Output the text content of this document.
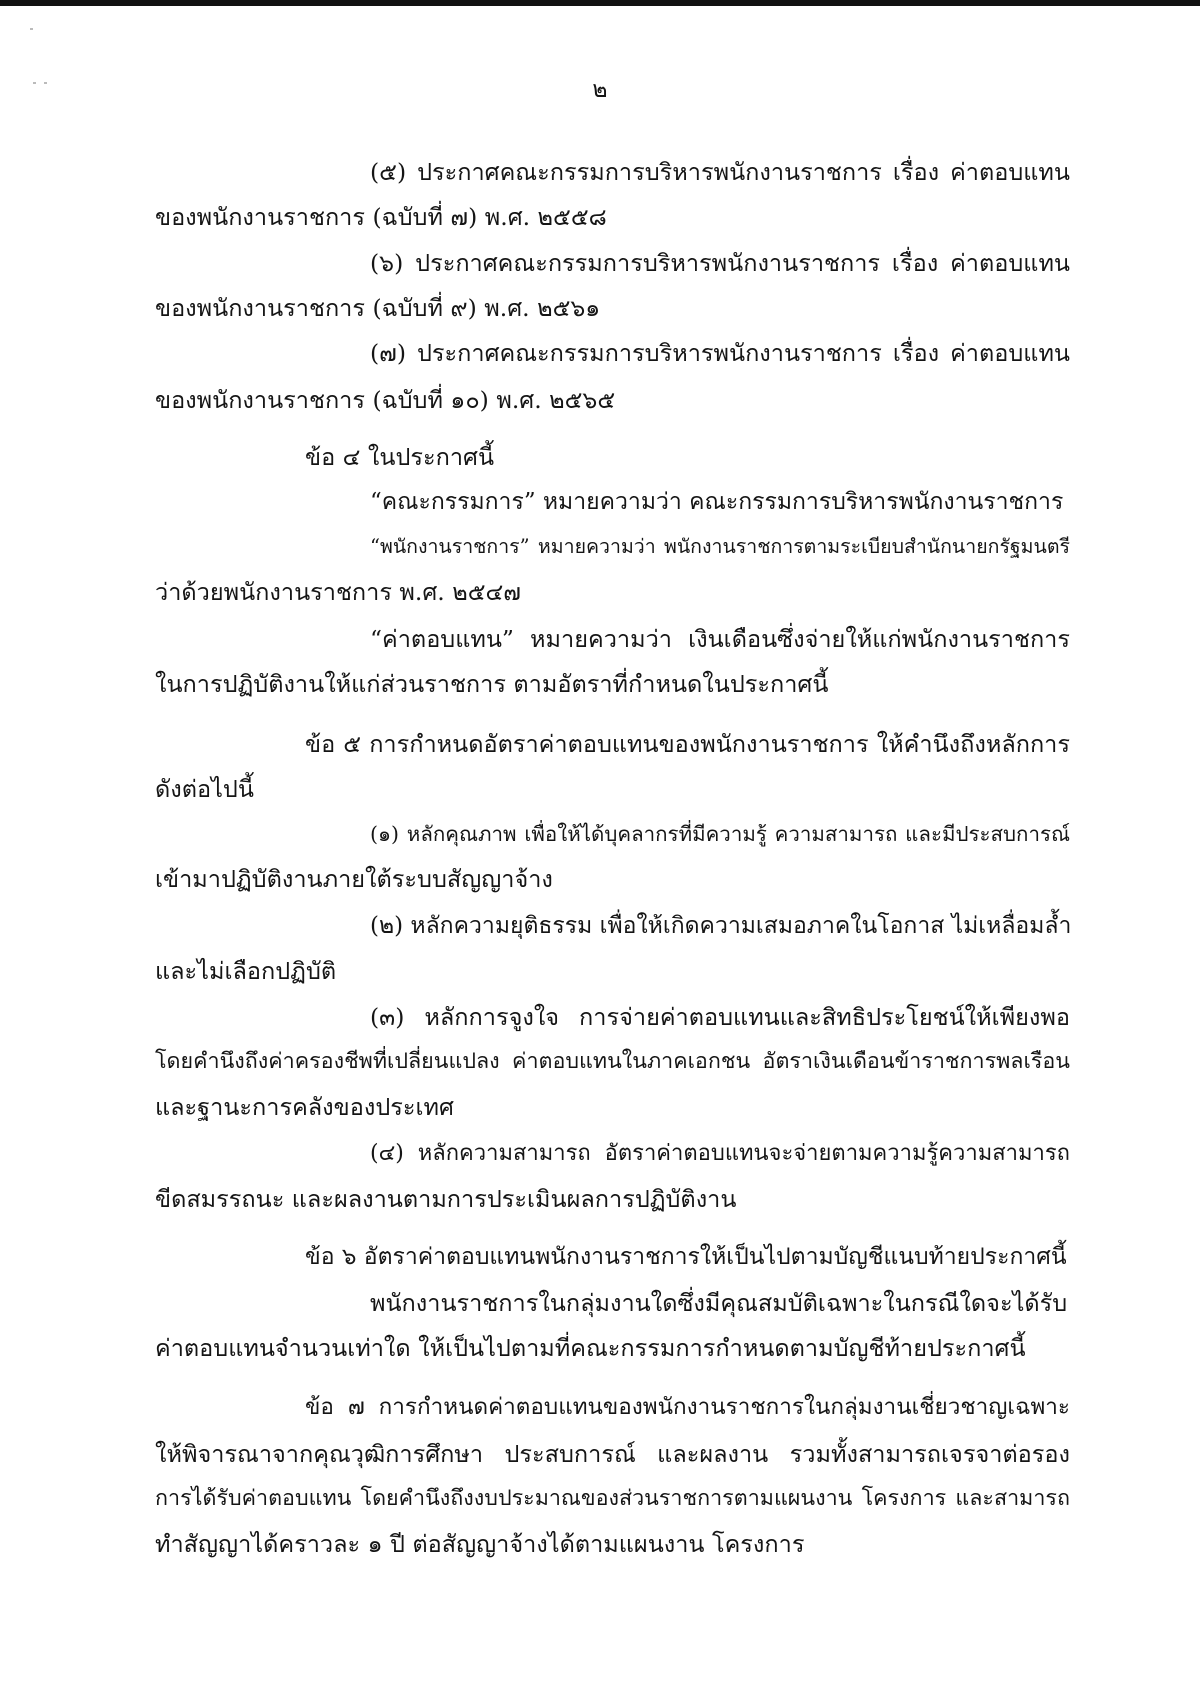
๒
(๕) ประกาศคณะกรรมการบริหารพนักงานราชการ เรื่อง ค่าตอบแทน
ของพนักงานราชการ (ฉบับที่ ๗) พ.ศ. ๒๕๕๘
(๖) ประกาศคณะกรรมการบริหารพนักงานราชการ เรื่อง ค่าตอบแทน
ของพนักงานราชการ (ฉบับที่ ๙) พ.ศ. ๒๕๖๑
(๗) ประกาศคณะกรรมการบริหารพนักงานราชการ เรื่อง ค่าตอบแทน
ของพนักงานราชการ (ฉบับที่ ๑๐) พ.ศ. ๒๕๖๕
ข้อ ๔ ในประกาศนี้
“คณะกรรมการ” หมายความว่า คณะกรรมการบริหารพนักงานราชการ
“พนักงานราชการ” หมายความว่า พนักงานราชการตามระเบียบสำนักนายกรัฐมนตรี
ว่าด้วยพนักงานราชการ พ.ศ. ๒๕๔๗
“ค่าตอบแทน” หมายความว่า เงินเดือนซึ่งจ่ายให้แก่พนักงานราชการ
ในการปฏิบัติงานให้แก่ส่วนราชการ ตามอัตราที่กำหนดในประกาศนี้
ข้อ ๕ การกำหนดอัตราค่าตอบแทนของพนักงานราชการ ให้คำนึงถึงหลักการ
ดังต่อไปนี้
(๑) หลักคุณภาพ เพื่อให้ได้บุคลากรที่มีความรู้ ความสามารถ และมีประสบการณ์
เข้ามาปฏิบัติงานภายใต้ระบบสัญญาจ้าง
(๒) หลักความยุติธรรม เพื่อให้เกิดความเสมอภาคในโอกาส ไม่เหลื่อมล้ำ
และไม่เลือกปฏิบัติ
(๓) หลักการจูงใจ การจ่ายค่าตอบแทนและสิทธิประโยชน์ให้เพียงพอ
โดยคำนึงถึงค่าครองชีพที่เปลี่ยนแปลง ค่าตอบแทนในภาคเอกชน อัตราเงินเดือนข้าราชการพลเรือน
และฐานะการคลังของประเทศ
(๔) หลักความสามารถ อัตราค่าตอบแทนจะจ่ายตามความรู้ความสามารถ
ขีดสมรรถนะ และผลงานตามการประเมินผลการปฏิบัติงาน
ข้อ ๖ อัตราค่าตอบแทนพนักงานราชการให้เป็นไปตามบัญชีแนบท้ายประกาศนี้
พนักงานราชการในกลุ่มงานใดซึ่งมีคุณสมบัติเฉพาะในกรณีใดจะได้รับ
ค่าตอบแทนจำนวนเท่าใด ให้เป็นไปตามที่คณะกรรมการกำหนดตามบัญชีท้ายประกาศนี้
ข้อ ๗ การกำหนดค่าตอบแทนของพนักงานราชการในกลุ่มงานเชี่ยวชาญเฉพาะ
ให้พิจารณาจากคุณวุฒิการศึกษา ประสบการณ์ และผลงาน รวมทั้งสามารถเจรจาต่อรอง
การได้รับค่าตอบแทน โดยคำนึงถึงงบประมาณของส่วนราชการตามแผนงาน โครงการ และสามารถ
ทำสัญญาได้คราวละ ๑ ปี ต่อสัญญาจ้างได้ตามแผนงาน โครงการ
